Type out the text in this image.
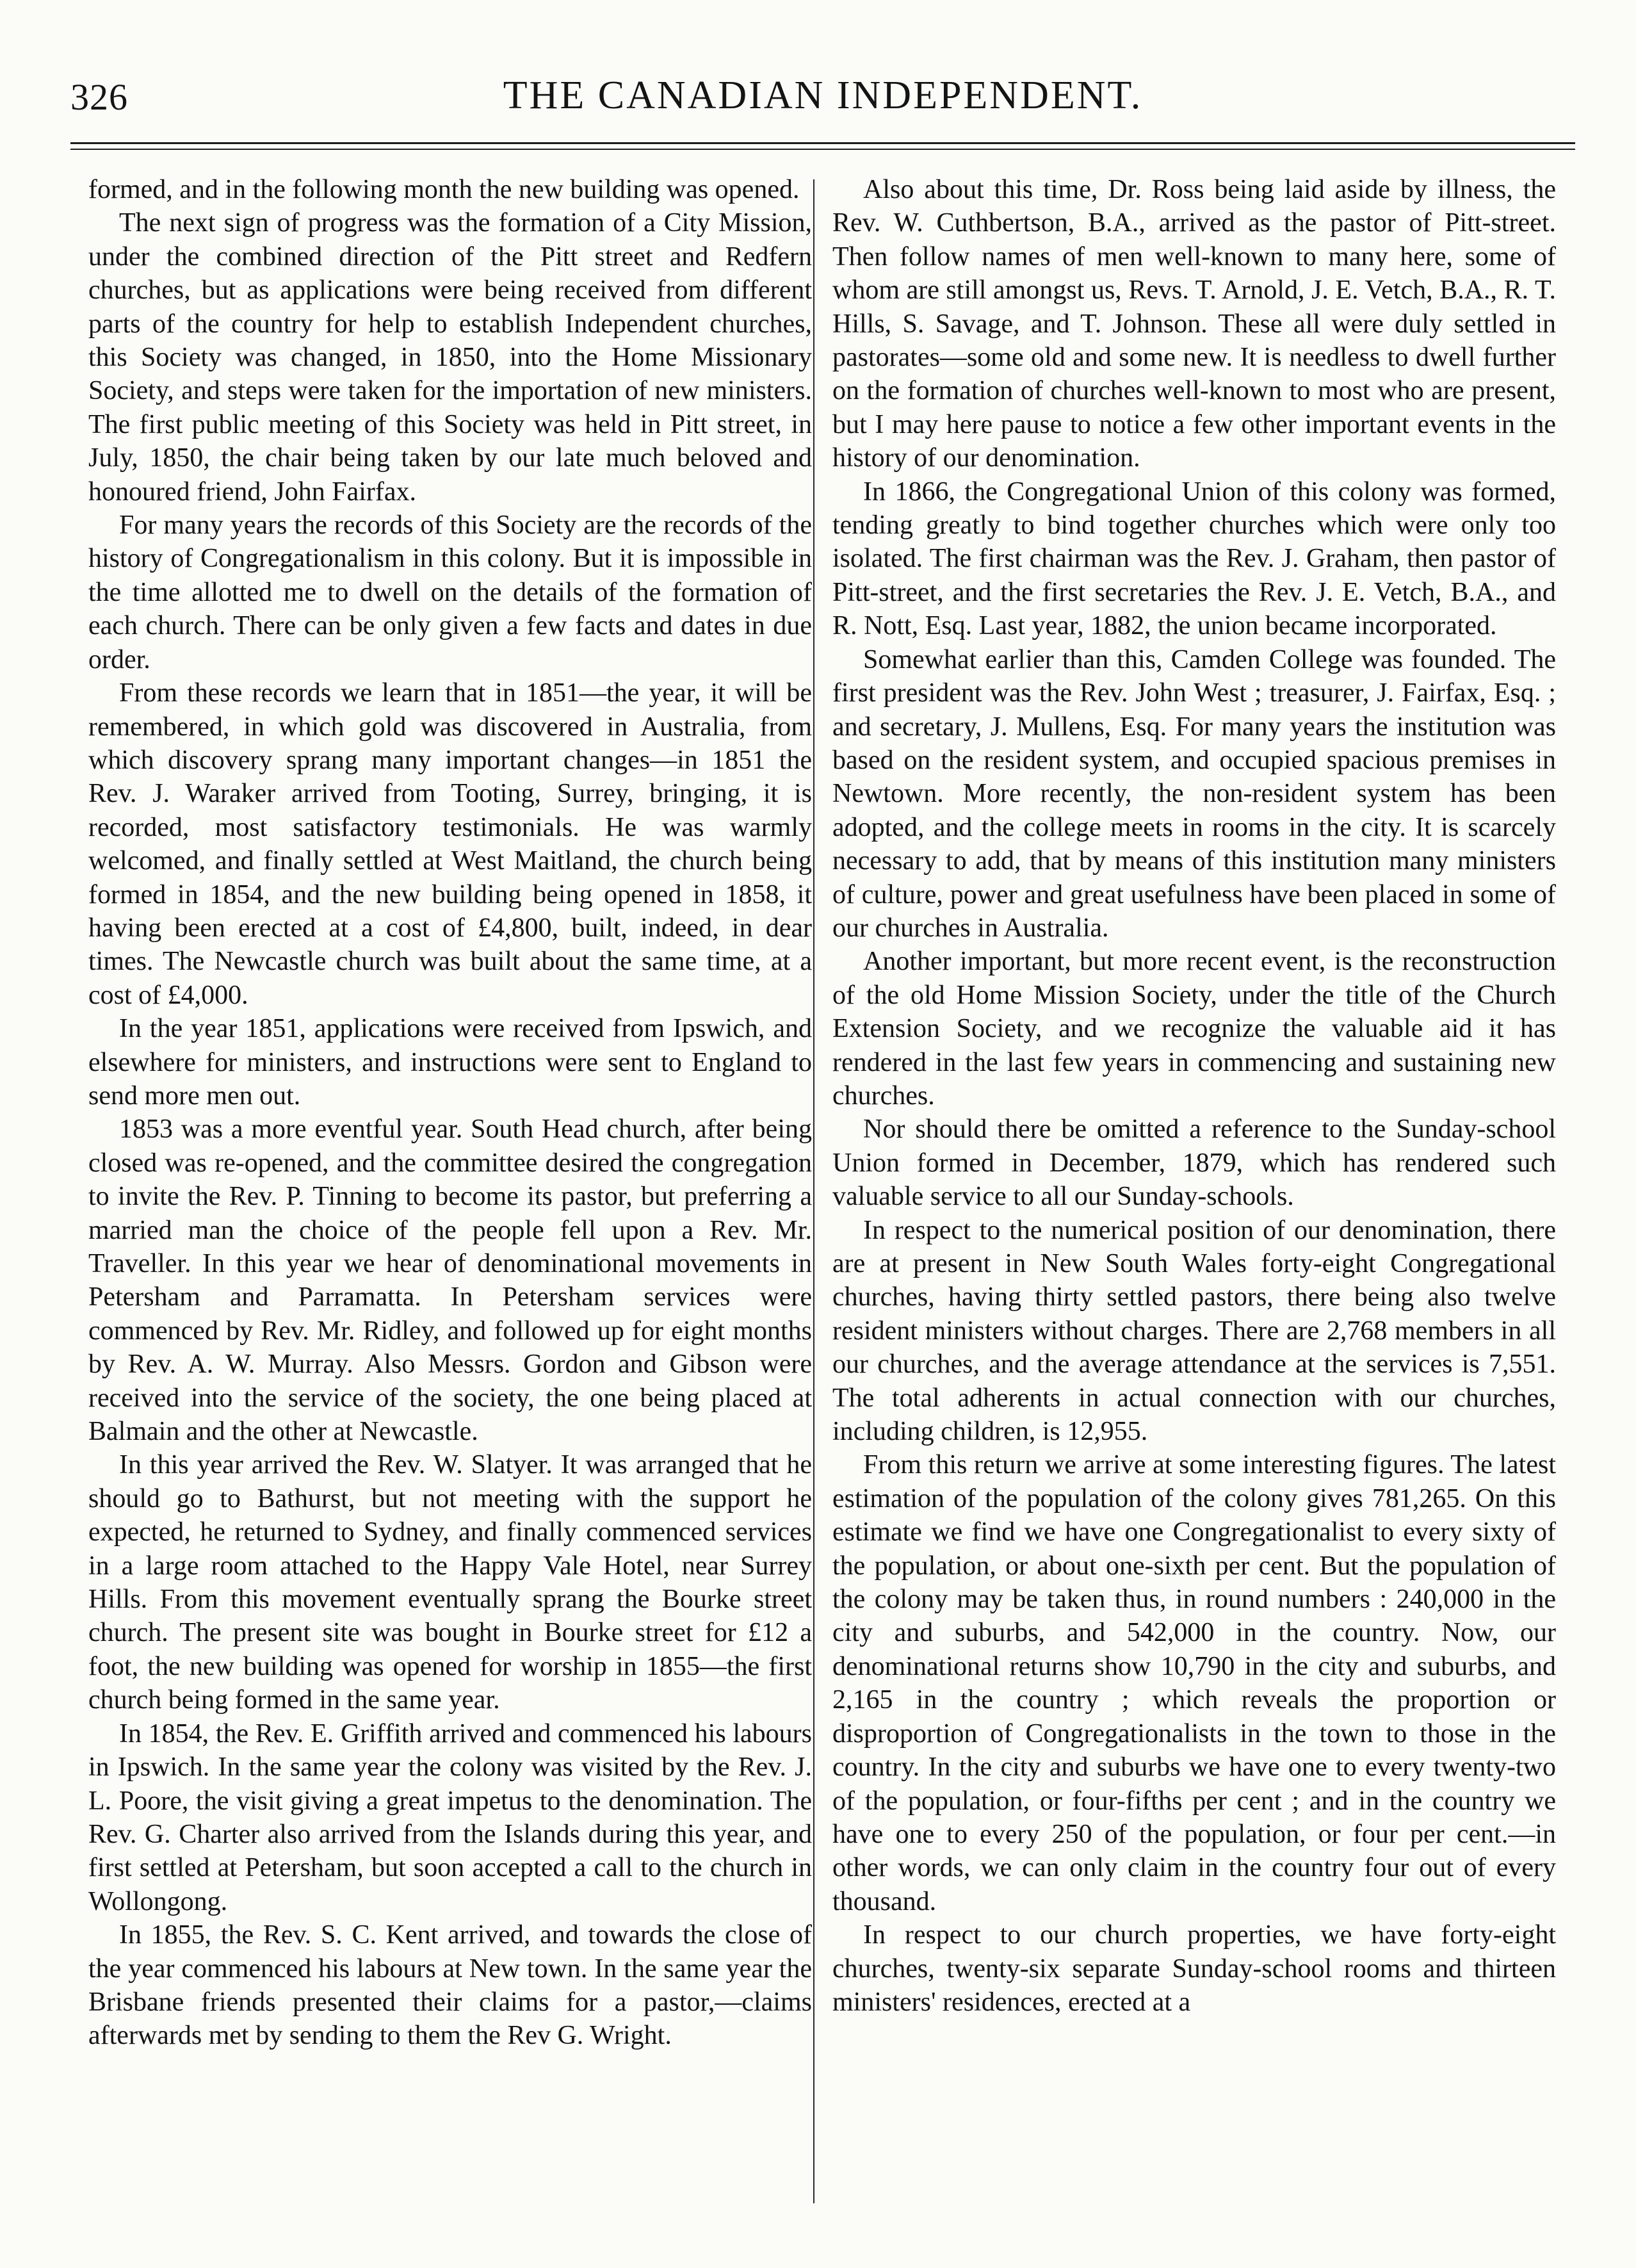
326	THE CANADIAN INDEPENDENT.

formed, and in the following month the new building was opened.

The next sign of progress was the formation of a City Mission, under the combined direction of the Pitt street and Redfern churches, but as applications were being received from different parts of the country for help to establish Independent churches, this Society was changed, in 1850, into the Home Missionary Society, and steps were taken for the importation of new ministers. The first public meeting of this Society was held in Pitt street, in July, 1850, the chair being taken by our late much beloved and honoured friend, John Fairfax.

For many years the records of this Society are the records of the history of Congregationalism in this colony. But it is impossible in the time allotted me to dwell on the details of the formation of each church. There can be only given a few facts and dates in due order.

From these records we learn that in 1851—the year, it will be remembered, in which gold was discovered in Australia, from which discovery sprang many important changes—in 1851 the Rev. J. Waraker arrived from Tooting, Surrey, bringing, it is recorded, most satisfactory testimonials. He was warmly welcomed, and finally settled at West Maitland, the church being formed in 1854, and the new building being opened in 1858, it having been erected at a cost of £4,800, built, indeed, in dear times. The Newcastle church was built about the same time, at a cost of £4,000.

In the year 1851, applications were received from Ipswich, and elsewhere for ministers, and instructions were sent to England to send more men out.

1853 was a more eventful year. South Head church, after being closed was re-opened, and the committee desired the congregation to invite the Rev. P. Tinning to become its pastor, but preferring a married man the choice of the people fell upon a Rev. Mr. Traveller. In this year we hear of denominational movements in Petersham and Parramatta. In Petersham services were commenced by Rev. Mr. Ridley, and followed up for eight months by Rev. A. W. Murray. Also Messrs. Gordon and Gibson were received into the service of the society, the one being placed at Balmain and the other at Newcastle.

In this year arrived the Rev. W. Slatyer. It was arranged that he should go to Bathurst, but not meeting with the support he expected, he returned to Sydney, and finally commenced services in a large room attached to the Happy Vale Hotel, near Surrey Hills. From this movement eventually sprang the Bourke street church. The present site was bought in Bourke street for £12 a foot, the new building was opened for worship in 1855—the first church being formed in the same year.

In 1854, the Rev. E. Griffith arrived and commenced his labours in Ipswich. In the same year the colony was visited by the Rev. J. L. Poore, the visit giving a great impetus to the denomination. The Rev. G. Charter also arrived from the Islands during this year, and first settled at Petersham, but soon accepted a call to the church in Wollongong.

In 1855, the Rev. S. C. Kent arrived, and towards the close of the year commenced his labours at New town. In the same year the Brisbane friends presented their claims for a pastor,—claims afterwards met by sending to them the Rev G. Wright.

Also about this time, Dr. Ross being laid aside by illness, the Rev. W. Cuthbertson, B.A., arrived as the pastor of Pitt-street. Then follow names of men well-known to many here, some of whom are still amongst us, Revs. T. Arnold, J. E. Vetch, B.A., R. T. Hills, S. Savage, and T. Johnson. These all were duly settled in pastorates—some old and some new. It is needless to dwell further on the formation of churches well-known to most who are present, but I may here pause to notice a few other important events in the history of our denomination.

In 1866, the Congregational Union of this colony was formed, tending greatly to bind together churches which were only too isolated. The first chairman was the Rev. J. Graham, then pastor of Pitt-street, and the first secretaries the Rev. J. E. Vetch, B.A., and R. Nott, Esq. Last year, 1882, the union became incorporated.

Somewhat earlier than this, Camden College was founded. The first president was the Rev. John West ; treasurer, J. Fairfax, Esq. ; and secretary, J. Mullens, Esq. For many years the institution was based on the resident system, and occupied spacious premises in Newtown. More recently, the non-resident system has been adopted, and the college meets in rooms in the city. It is scarcely necessary to add, that by means of this institution many ministers of culture, power and great usefulness have been placed in some of our churches in Australia.

Another important, but more recent event, is the reconstruction of the old Home Mission Society, under the title of the Church Extension Society, and we recognize the valuable aid it has rendered in the last few years in commencing and sustaining new churches.

Nor should there be omitted a reference to the Sunday-school Union formed in December, 1879, which has rendered such valuable service to all our Sunday-schools.

In respect to the numerical position of our denomination, there are at present in New South Wales forty-eight Congregational churches, having thirty settled pastors, there being also twelve resident ministers without charges. There are 2,768 members in all our churches, and the average attendance at the services is 7,551. The total adherents in actual connection with our churches, including children, is 12,955.

From this return we arrive at some interesting figures. The latest estimation of the population of the colony gives 781,265. On this estimate we find we have one Congregationalist to every sixty of the population, or about one-sixth per cent. But the population of the colony may be taken thus, in round numbers : 240,000 in the city and suburbs, and 542,000 in the country. Now, our denominational returns show 10,790 in the city and suburbs, and 2,165 in the country ; which reveals the proportion or disproportion of Congregationalists in the town to those in the country. In the city and suburbs we have one to every twenty-two of the population, or four-fifths per cent ; and in the country we have one to every 250 of the population, or four per cent.—in other words, we can only claim in the country four out of every thousand.

In respect to our church properties, we have forty-eight churches, twenty-six separate Sunday-school rooms and thirteen ministers' residences, erected at a
